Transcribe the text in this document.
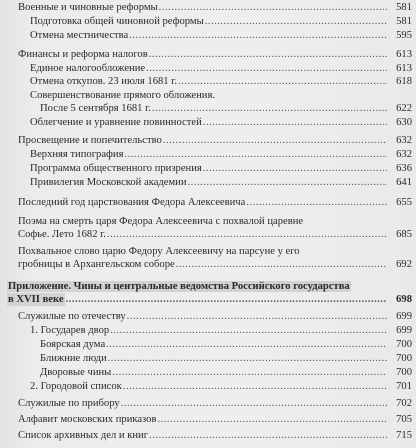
Военные и чиновные реформы .....	581
Подготовка общей чиновной реформы .....	581
Отмена местничества .....	595
Финансы и реформа налогов .....	613
Единое налогообложение .....	613
Отмена откупов. 23 июля 1681 г. .....	618
Совершенствование прямого обложения.
После 5 сентября 1681 г. .....	622
Облегчение и уравнение повинностей .....	630
Просвещение и попечительство .....	632
Верхняя типография .....	632
Программа общественного призрения .....	636
Привилегия Московской академии .....	641
Последний год царствования Федора Алексеевича .....	655
Поэма на смерть царя Федора Алексеевича с похвалой царевне
Софье. Лето 1682 г. .....	685
Похвальное слово царю Федору Алексеевичу на парсуне у его
гробницы в Архангельском соборе .....	692
Приложение. Чины и центральные ведомства Российского государства
в XVII веке .....	698
Служилые по отечеству .....	699
1. Государев двор .....	699
Боярская дума .....	700
Ближние люди .....	700
Дворовые чины .....	700
2. Городовой список .....	701
Служилые по прибору .....	702
Алфавит московских приказов .....	705
Список архивных дел и книг .....	715
